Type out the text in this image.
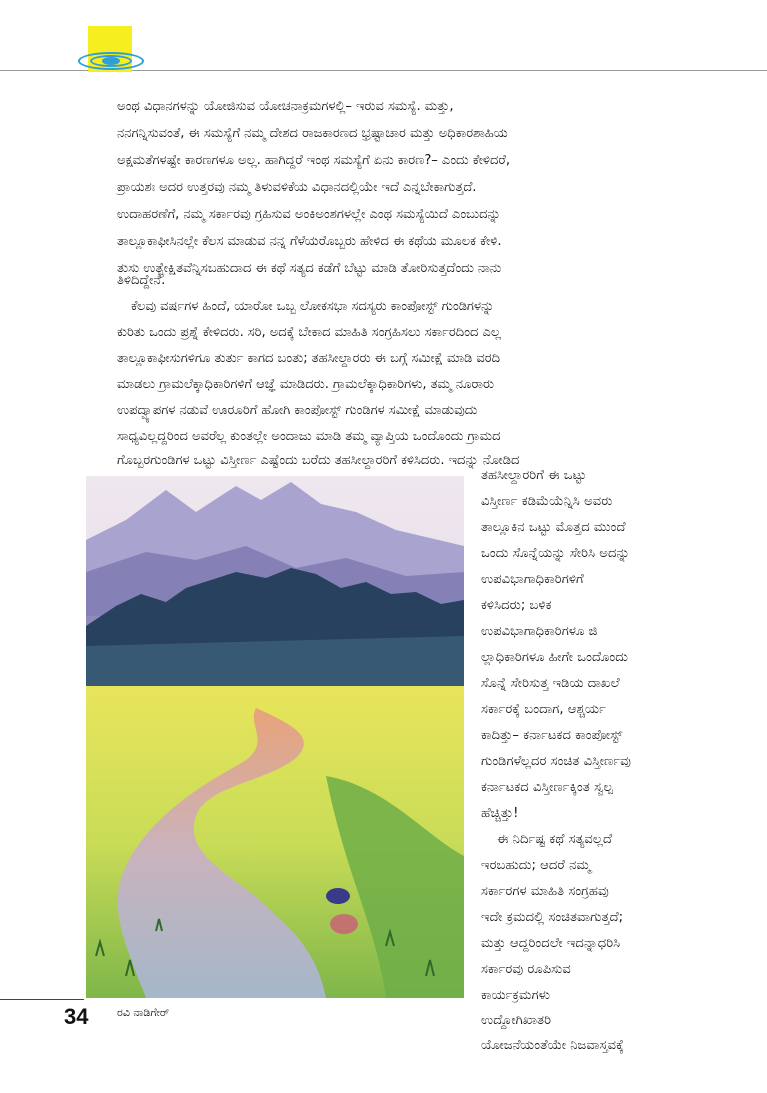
ಅಂಥ ವಿಧಾನಗಳನ್ನು ಯೋಜಿಸುವ ಯೋಚನಾಕ್ರಮಗಳಲ್ಲಿ– ಇರುವ ಸಮಸ್ಯೆ. ಮತ್ತು,
ನನಗನ್ನಿಸುವಂತೆ, ಈ ಸಮಸ್ಯೆಗೆ ನಮ್ಮ ದೇಶದ ರಾಜಕಾರಣದ ಭ್ರಷ್ಟಾಚಾರ ಮತ್ತು ಅಧಿಕಾರಶಾಹಿಯ
ಅಕ್ಷಮತೆಗಳಷ್ಟೇ ಕಾರಣಗಳೂ ಅಲ್ಲ. ಹಾಗಿದ್ದರೆ ಇಂಥ ಸಮಸ್ಯೆಗೆ ಏನು ಕಾರಣ?– ಎಂದು ಕೇಳಿದರೆ,
ಪ್ರಾಯಶಃ ಅದರ ಉತ್ತರವು ನಮ್ಮ ತಿಳುವಳಿಕೆಯ ವಿಧಾನದಲ್ಲಿಯೇ ಇದೆ ಎನ್ನಬೇಕಾಗುತ್ತದೆ.
ಉದಾಹರಣೆಗೆ, ನಮ್ಮ ಸರ್ಕಾರವು ಗ್ರಹಿಸುವ ಅಂಕಿಅಂಶಗಳಲ್ಲೇ ಎಂಥ ಸಮಸ್ಯೆಯಿದೆ ಎಂಬುದನ್ನು
ತಾಲ್ಲೂಕಾಫೀಸಿನಲ್ಲೇ ಕೆಲಸ ಮಾಡುವ ನನ್ನ ಗೆಳೆಯರೊಬ್ಬರು ಹೇಳಿದ ಈ ಕಥೆಯ ಮೂಲಕ ಕೇಳಿ.
ತುಸು ಉತ್ಪ್ರೇಕ್ಷಿತವೆನ್ನಿಸಬಹುದಾದ ಈ ಕಥೆ ಸತ್ಯದ ಕಡೆಗೆ ಬೆಟ್ಟು ಮಾಡಿ ತೋರಿಸುತ್ತದೆಂದು ನಾನು
ತಿಳಿದಿದ್ದೇನೆ.
ಕೆಲವು ವರ್ಷಗಳ ಹಿಂದೆ, ಯಾರೋ ಒಬ್ಬ ಲೋಕಸಭಾ ಸದಸ್ಯರು ಕಾಂಪೋಸ್ಟ್ ಗುಂಡಿಗಳನ್ನು
ಕುರಿತು ಒಂದು ಪ್ರಶ್ನೆ ಕೇಳಿದರು. ಸರಿ, ಅದಕ್ಕೆ ಬೇಕಾದ ಮಾಹಿತಿ ಸಂಗ್ರಹಿಸಲು ಸರ್ಕಾರದಿಂದ ಎಲ್ಲ
ತಾಲ್ಲೂಕಾಫೀಸುಗಳಿಗೂ ತುರ್ತು ಕಾಗದ ಬಂತು; ತಹಸೀಲ್ದಾರರು ಈ ಬಗ್ಗೆ ಸಮೀಕ್ಷೆ ಮಾಡಿ ವರದಿ
ಮಾಡಲು ಗ್ರಾಮಲೆಕ್ಕಾಧಿಕಾರಿಗಳಿಗೆ ಆಜ್ಞೆ ಮಾಡಿದರು. ಗ್ರಾಮಲೆಕ್ಕಾಧಿಕಾರಿಗಳು, ತಮ್ಮ ನೂರಾರು
ಉಪದ್ವ್ಯಾಪಗಳ ನಡುವೆ ಊರೂರಿಗೆ ಹೋಗಿ ಕಾಂಪೋಸ್ಟ್ ಗುಂಡಿಗಳ ಸಮೀಕ್ಷೆ ಮಾಡುವುದು
ಸಾಧ್ಯವಿಲ್ಲದ್ದರಿಂದ ಅವರೆಲ್ಲ ಕುಂತಲ್ಲೇ ಅಂದಾಜು ಮಾಡಿ ತಮ್ಮ ವ್ಯಾಪ್ತಿಯ ಒಂದೊಂದು ಗ್ರಾಮದ
ಗೊಬ್ಬರಗುಂಡಿಗಳ ಒಟ್ಟು ವಿಸ್ತೀರ್ಣ ಎಷ್ಟೆಂದು ಬರೆದು ತಹಸೀಲ್ದಾರರಿಗೆ ಕಳಿಸಿದರು. ಇದನ್ನು ನೋಡಿದ
ತಹಸೀಲ್ದಾರರಿಗೆ ಈ ಒಟ್ಟು
ವಿಸ್ತೀರ್ಣ ಕಡಿಮೆಯೆನ್ನಿಸಿ ಅವರು
ತಾಲ್ಲೂಕಿನ ಒಟ್ಟು ಮೊತ್ತದ ಮುಂದೆ
ಒಂದು ಸೊನ್ನೆಯನ್ನು ಸೇರಿಸಿ ಅದನ್ನು
ಉಪವಿಭಾಗಾಧಿಕಾರಿಗಳಿಗೆ
ಕಳಿಸಿದರು; ಬಳಿಕ
ಉಪವಿಭಾಗಾಧಿಕಾರಿಗಳೂ ಜಿ
ಲ್ಲಾಧಿಕಾರಿಗಳೂ ಹೀಗೇ ಒಂದೊಂದು
ಸೊನ್ನೆ ಸೇರಿಸುತ್ತ ಇಡಿಯ ದಾಖಲೆ
ಸರ್ಕಾರಕ್ಕೆ ಬಂದಾಗ, ಆಶ್ಚರ್ಯ
ಕಾದಿತ್ತು– ಕರ್ನಾಟಕದ ಕಾಂಪೋಸ್ಟ್
ಗುಂಡಿಗಳೆಲ್ಲದರ ಸಂಚಿತ ವಿಸ್ತೀರ್ಣವು
ಕರ್ನಾಟಕದ ವಿಸ್ತೀರ್ಣಕ್ಕಿಂತ ಸ್ವಲ್ಪ
ಹೆಚ್ಚಿತ್ತು!
ಈ ನಿರ್ದಿಷ್ಟ ಕಥೆ ಸತ್ಯವಲ್ಲದೆ
ಇರಬಹುದು; ಆದರೆ ನಮ್ಮ
ಸರ್ಕಾರಗಳ ಮಾಹಿತಿ ಸಂಗ್ರಹವು
ಇದೇ ಕ್ರಮದಲ್ಲಿ ಸಂಚಿತವಾಗುತ್ತದೆ;
ಮತ್ತು ಆದ್ದರಿಂದಲೇ ಇದನ್ನಾಧರಿಸಿ
ಸರ್ಕಾರವು ರೂಪಿಸುವ
ಕಾರ್ಯಕ್ರಮಗಳು
ಉದ್ದೋಗಿಖಾತರಿ
ಯೋಜನೆಯಂತೆಯೇ ನಿಜವಾಸ್ತವಕ್ಕೆ
34	ರವಿ ನಾಡಿಗೇರ್
